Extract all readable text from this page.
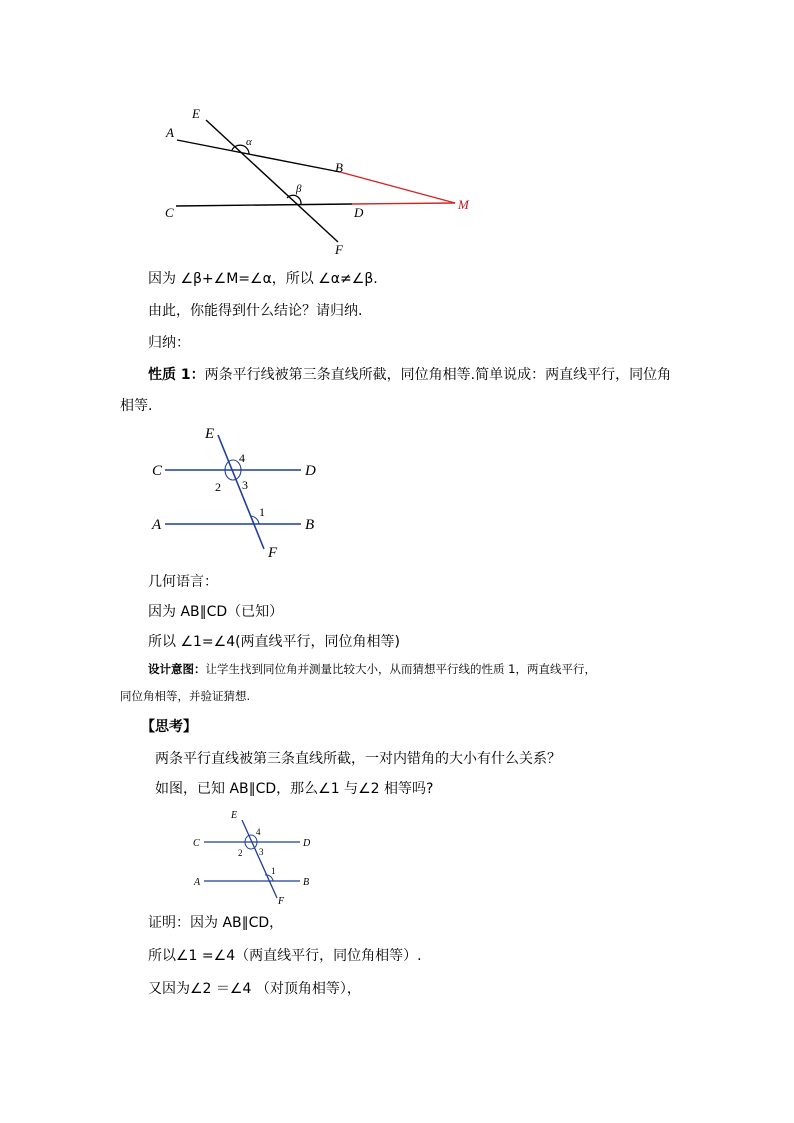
E
A
α
B
β
M
C	D
F
因为 ∠β+∠M=∠α，所以 ∠α≠∠β.
由此，你能得到什么结论？请归纳.
归纳：
性质 1：两条平行线被第三条直线所截，同位角相等.简单说成：两直线平行，同位角
相等.
E
4
C	D
2 3
A
1
B
F
几何语言：
因为 AB∥CD（已知）
所以 ∠1=∠4(两直线平行，同位角相等)
设计意图：让学生找到同位角并测量比较大小，从而猜想平行线的性质 1，两直线平行，
同位角相等，并验证猜想.
【思考】
两条平行直线被第三条直线所截，一对内错角的大小有什么关系？
如图，已知 AB∥CD，那么∠1 与∠2 相等吗?
E
4
C	D
2 3
A
1
B
F
证明：因为 AB∥CD，
所以∠1 =∠4（两直线平行，同位角相等）.
又因为∠2 ＝∠4 （对顶角相等），
